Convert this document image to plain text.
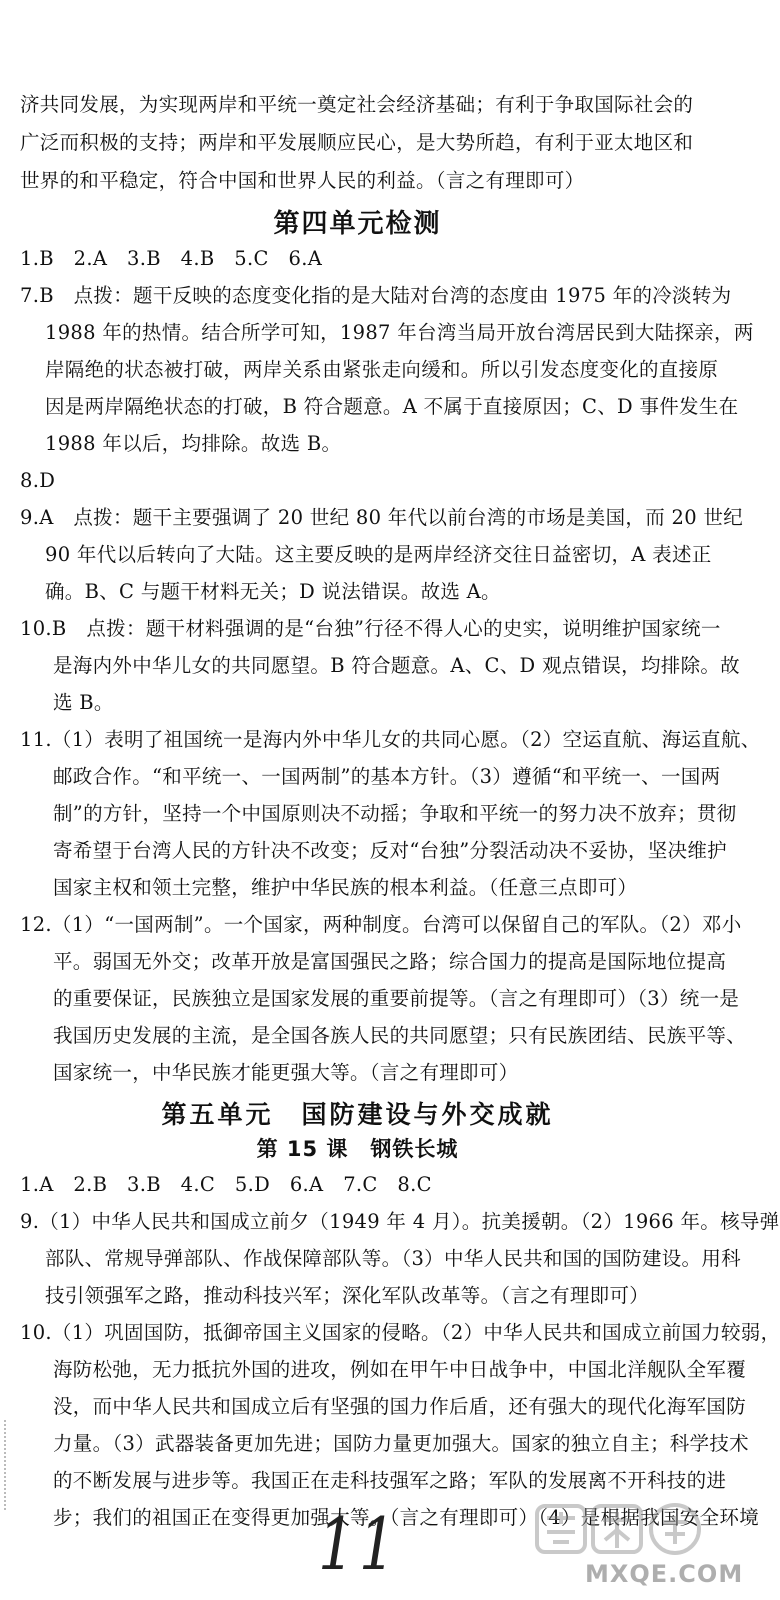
济共同发展，为实现两岸和平统一奠定社会经济基础；有利于争取国际社会的
广泛而积极的支持；两岸和平发展顺应民心，是大势所趋，有利于亚太地区和
世界的和平稳定，符合中国和世界人民的利益。（言之有理即可）
第四单元检测
1.B　2.A　3.B　4.B　5.C　6.A
7.B　点拨：题干反映的态度变化指的是大陆对台湾的态度由 1975 年的冷淡转为
1988 年的热情。结合所学可知，1987 年台湾当局开放台湾居民到大陆探亲，两
岸隔绝的状态被打破，两岸关系由紧张走向缓和。所以引发态度变化的直接原
因是两岸隔绝状态的打破，B 符合题意。A 不属于直接原因；C、D 事件发生在
1988 年以后，均排除。故选 B。
8.D
9.A　点拨：题干主要强调了 20 世纪 80 年代以前台湾的市场是美国，而 20 世纪
90 年代以后转向了大陆。这主要反映的是两岸经济交往日益密切，A 表述正
确。B、C 与题干材料无关；D 说法错误。故选 A。
10.B　点拨：题干材料强调的是“台独”行径不得人心的史实，说明维护国家统一
是海内外中华儿女的共同愿望。B 符合题意。A、C、D 观点错误，均排除。故
选 B。
11.（1）表明了祖国统一是海内外中华儿女的共同心愿。（2）空运直航、海运直航、
邮政合作。“和平统一、一国两制”的基本方针。（3）遵循“和平统一、一国两
制”的方针，坚持一个中国原则决不动摇；争取和平统一的努力决不放弃；贯彻
寄希望于台湾人民的方针决不改变；反对“台独”分裂活动决不妥协，坚决维护
国家主权和领土完整，维护中华民族的根本利益。（任意三点即可）
12.（1）“一国两制”。一个国家，两种制度。台湾可以保留自己的军队。（2）邓小
平。弱国无外交；改革开放是富国强民之路；综合国力的提高是国际地位提高
的重要保证，民族独立是国家发展的重要前提等。（言之有理即可）（3）统一是
我国历史发展的主流，是全国各族人民的共同愿望；只有民族团结、民族平等、
国家统一，中华民族才能更强大等。（言之有理即可）
第五单元　国防建设与外交成就
第 15 课　钢铁长城
1.A　2.B　3.B　4.C　5.D　6.A　7.C　8.C
9.（1）中华人民共和国成立前夕（1949 年 4 月）。抗美援朝。（2）1966 年。核导弹
部队、常规导弹部队、作战保障部队等。（3）中华人民共和国的国防建设。用科
技引领强军之路，推动科技兴军；深化军队改革等。（言之有理即可）
10.（1）巩固国防，抵御帝国主义国家的侵略。（2）中华人民共和国成立前国力较弱，
海防松弛，无力抵抗外国的进攻，例如在甲午中日战争中，中国北洋舰队全军覆
没，而中华人民共和国成立后有坚强的国力作后盾，还有强大的现代化海军国防
力量。（3）武器装备更加先进；国防力量更加强大。国家的独立自主；科学技术
的不断发展与进步等。我国正在走科技强军之路；军队的发展离不开科技的进
步；我们的祖国正在变得更加强大等。（言之有理即可）（4）是根据我国安全环境
11	MXQE.COM
